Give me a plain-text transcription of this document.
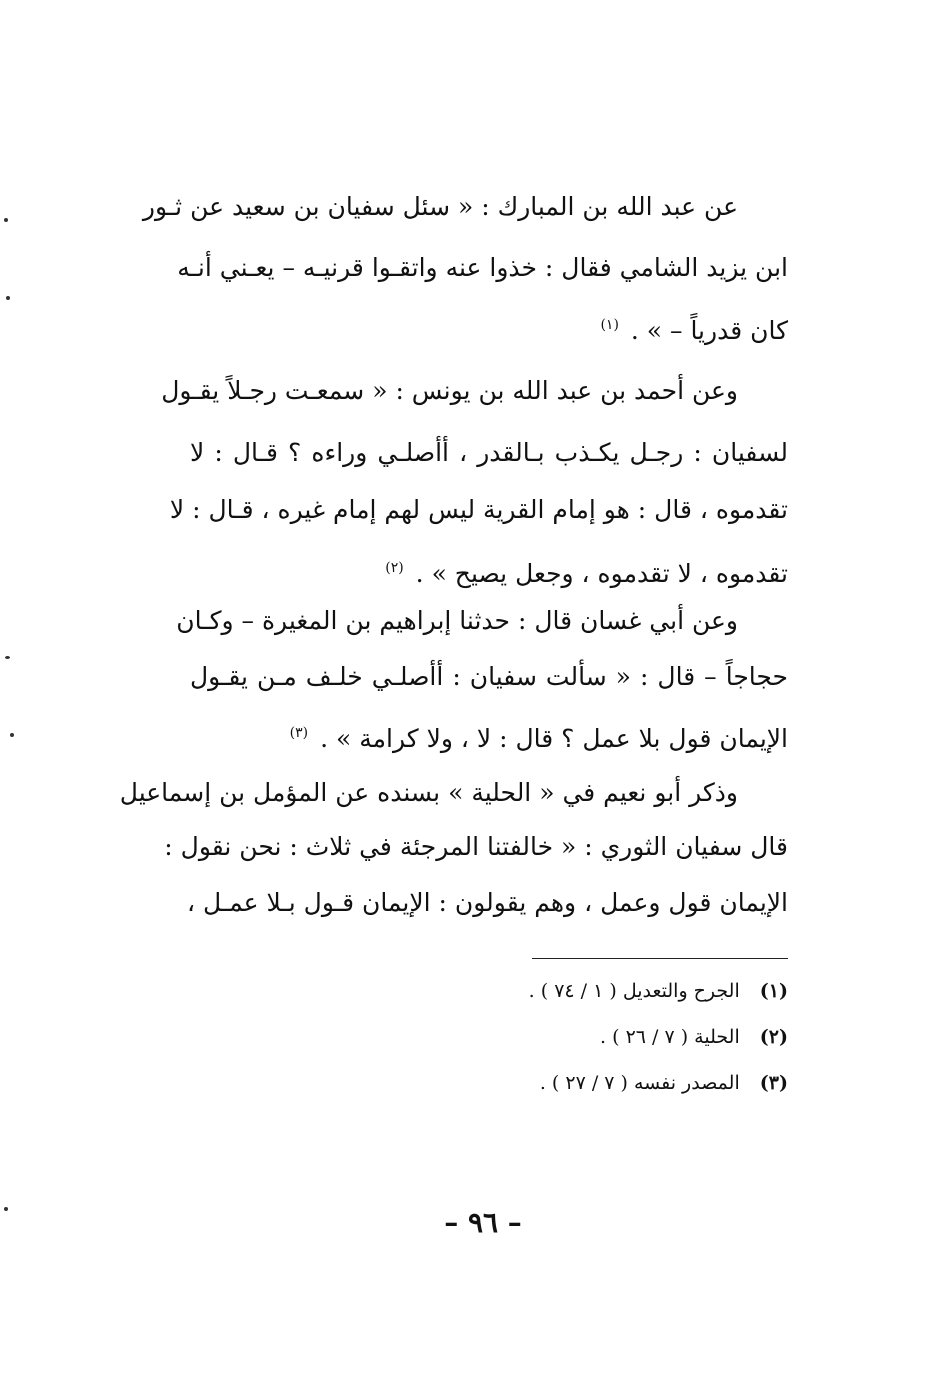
عن عبد الله بن المبارك : « سئل سفيان بن سعيد عن ثـور
ابن يزيد الشامي فقال : خذوا عنه واتقـوا قرنيـه – يعـني أنـه
كان قدرياً – » . $^{(١)}$
وعن أحمد بن عبد الله بن يونس : « سمعـت رجـلاً يقـول
لسفيان : رجـل يكـذب بـالقدر ، أأصلـي وراءه ؟ قـال : لا
تقدموه ، قال : هو إمام القرية ليس لهم إمام غيره ، قـال : لا
تقدموه ، لا تقدموه ، وجعل يصيح » . $^{(٢)}$
وعن أبي غسان قال : حدثنا إبراهيم بن المغيرة – وكـان
حجاجاً – قال : « سألت سفيان : أأصلـي خلـف مـن يقـول
الإيمان قول بلا عمل ؟ قال : لا ، ولا كرامة » . $^{(٣)}$
وذكر أبو نعيم في « الحلية » بسنده عن المؤمل بن إسماعيل
قال سفيان الثوري : « خالفتنا المرجئة في ثلاث : نحن نقول :
الإيمان قول وعمل ، وهم يقولون : الإيمان قـول بـلا عمـل ،
(١) الجرح والتعديل ( ١ / ٧٤ ) .
(٢) الحلية ( ٧ / ٢٦ ) .
(٣) المصدر نفسه ( ٧ / ٢٧ ) .
– ٩٦ –
